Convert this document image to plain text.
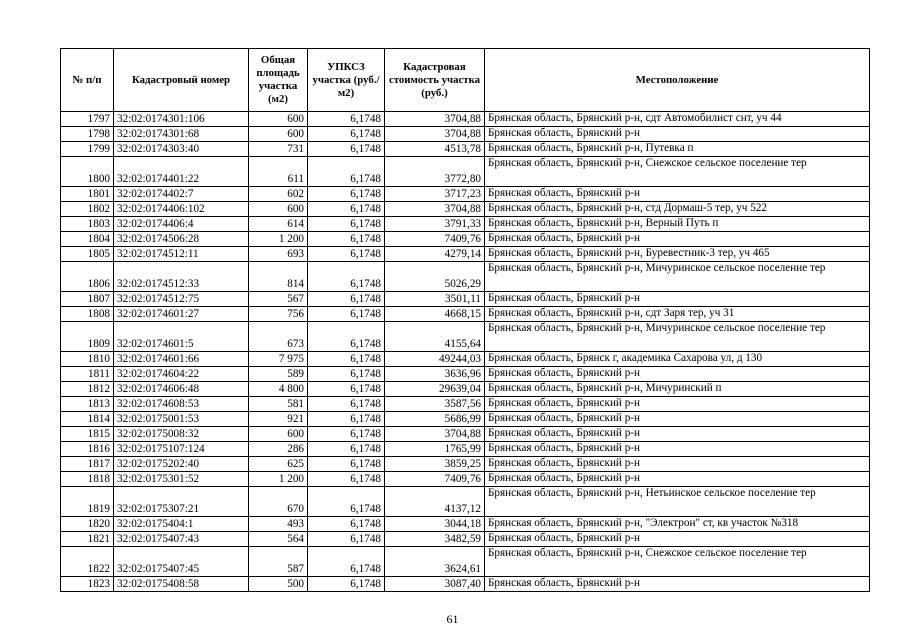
№ п/п	Кадастровый номер	Общая площадь участка (м2)	УПКСЗ участка (руб./м2)	Кадастровая стоимость участка (руб.)	Местоположение
1797	32:02:0174301:106	600	6,1748	3704,88	Брянская область, Брянский р-н, сдт Автомобилист снт, уч 44
1798	32:02:0174301:68	600	6,1748	3704,88	Брянская область, Брянский р-н
1799	32:02:0174303:40	731	6,1748	4513,78	Брянская область, Брянский р-н, Путевка п
1800	32:02:0174401:22	611	6,1748	3772,80	Брянская область, Брянский р-н, Снежское сельское поселение тер
1801	32:02:0174402:7	602	6,1748	3717,23	Брянская область, Брянский р-н
1802	32:02:0174406:102	600	6,1748	3704,88	Брянская область, Брянский р-н, стд Дормаш-5 тер, уч 522
1803	32:02:0174406:4	614	6,1748	3791,33	Брянская область, Брянский р-н, Верный Путь п
1804	32:02:0174506:28	1 200	6,1748	7409,76	Брянская область, Брянский р-н
1805	32:02:0174512:11	693	6,1748	4279,14	Брянская область, Брянский р-н, Буревестник-3 тер, уч 465
1806	32:02:0174512:33	814	6,1748	5026,29	Брянская область, Брянский р-н, Мичуринское сельское поселение тер
1807	32:02:0174512:75	567	6,1748	3501,11	Брянская область, Брянский р-н
1808	32:02:0174601:27	756	6,1748	4668,15	Брянская область, Брянский р-н, сдт Заря тер, уч 31
1809	32:02:0174601:5	673	6,1748	4155,64	Брянская область, Брянский р-н, Мичуринское сельское поселение тер
1810	32:02:0174601:66	7 975	6,1748	49244,03	Брянская область, Брянск г, академика Сахарова ул, д 130
1811	32:02:0174604:22	589	6,1748	3636,96	Брянская область, Брянский р-н
1812	32:02:0174606:48	4 800	6,1748	29639,04	Брянская область, Брянский р-н, Мичуринский п
1813	32:02:0174608:53	581	6,1748	3587,56	Брянская область, Брянский р-н
1814	32:02:0175001:53	921	6,1748	5686,99	Брянская область, Брянский р-н
1815	32:02:0175008:32	600	6,1748	3704,88	Брянская область, Брянский р-н
1816	32:02:0175107:124	286	6,1748	1765,99	Брянская область, Брянский р-н
1817	32:02:0175202:40	625	6,1748	3859,25	Брянская область, Брянский р-н
1818	32:02:0175301:52	1 200	6,1748	7409,76	Брянская область, Брянский р-н
1819	32:02:0175307:21	670	6,1748	4137,12	Брянская область, Брянский р-н, Нетьинское сельское поселение тер
1820	32:02:0175404:1	493	6,1748	3044,18	Брянская область, Брянский р-н, "Электрон" ст, кв участок №318
1821	32:02:0175407:43	564	6,1748	3482,59	Брянская область, Брянский р-н
1822	32:02:0175407:45	587	6,1748	3624,61	Брянская область, Брянский р-н, Снежское сельское поселение тер
1823	32:02:0175408:58	500	6,1748	3087,40	Брянская область, Брянский р-н
61
